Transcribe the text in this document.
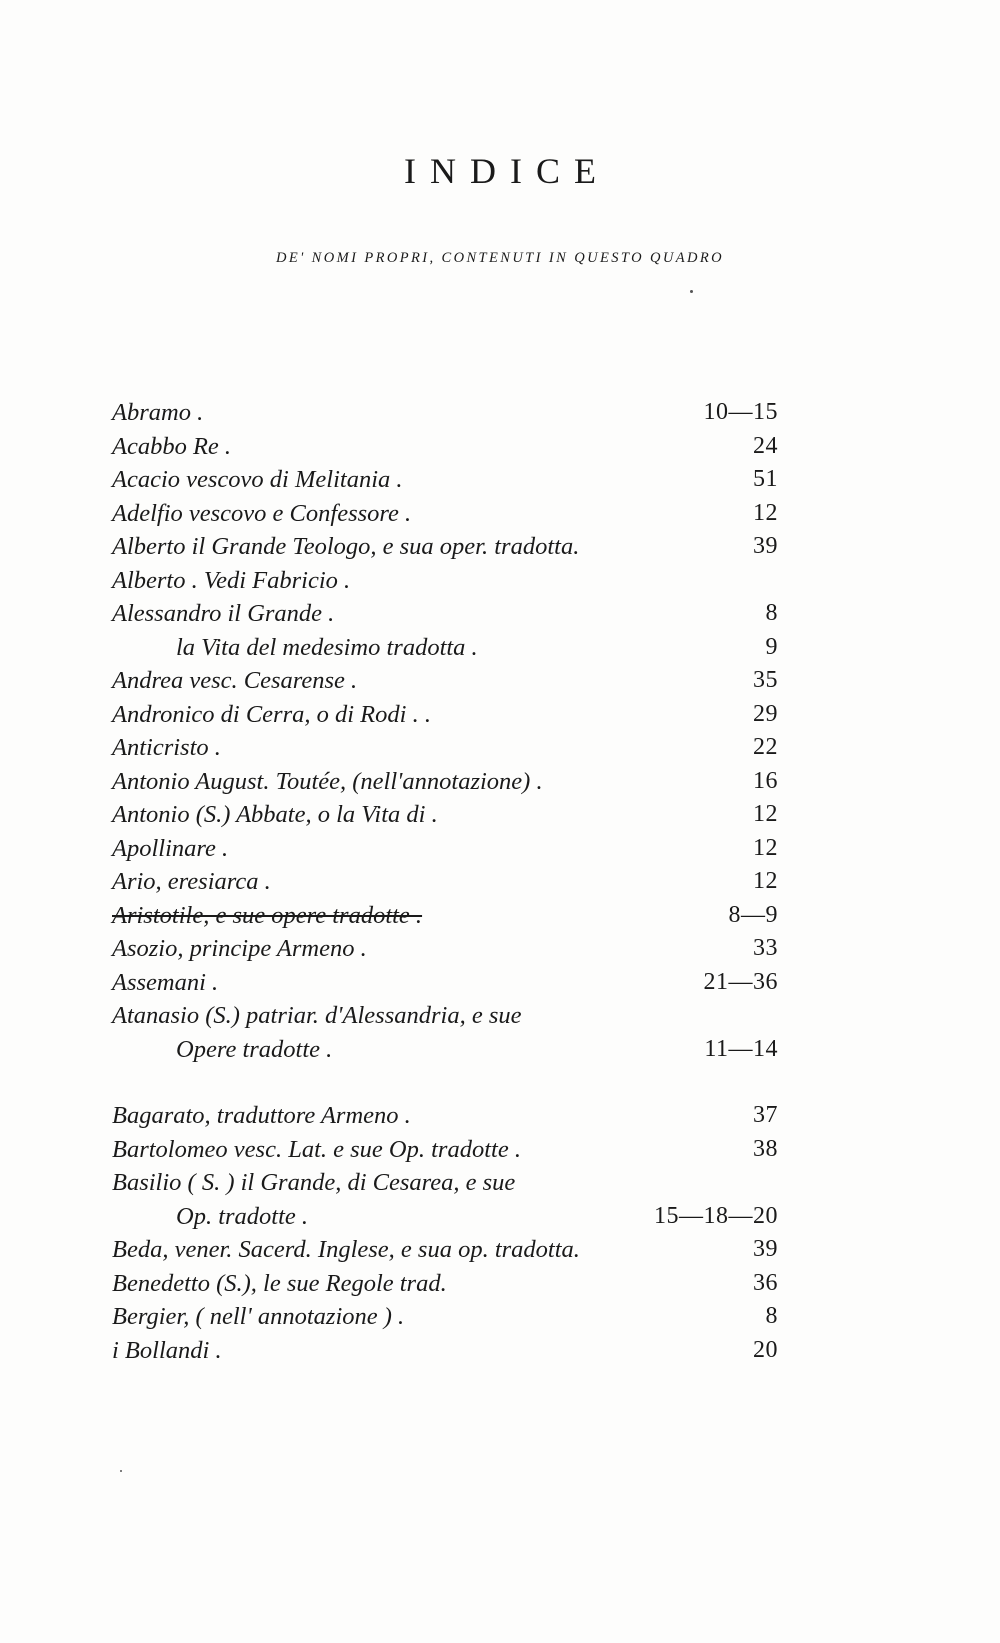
INDICE
DE' NOMI PROPRI, CONTENUTI IN QUESTO QUADRO
Abramo .	10—15
Acabbo Re .	24
Acacio vescovo di Melitania .	51
Adelfio vescovo e Confessore .	12
Alberto il Grande Teologo, e sua oper. tradotta.	39
Alberto . Vedi Fabricio .
Alessandro il Grande .	8
la Vita del medesimo tradotta .	9
Andrea vesc. Cesarense .	35
Andronico di Cerra, o di Rodi . .	29
Anticristo .	22
Antonio August. Toutée, (nell'annotazione) .	16
Antonio (S.) Abbate, o la Vita di .	12
Apollinare .	12
Ario, eresiarca .	12
Aristotile, e sue opere tradotte .	8—9
Asozio, principe Armeno .	33
Assemani .	21—36
Atanasio (S.) patriar. d'Alessandria, e sue
Opere tradotte .	11—14
Bagarato, traduttore Armeno .	37
Bartolomeo vesc. Lat. e sue Op. tradotte .	38
Basilio ( S. ) il Grande, di Cesarea, e sue
Op. tradotte .	15—18—20
Beda, vener. Sacerd. Inglese, e sua op. tradotta.	39
Benedetto (S.), le sue Regole trad.	36
Bergier, ( nell' annotazione ) .	8
i Bollandi .	20
